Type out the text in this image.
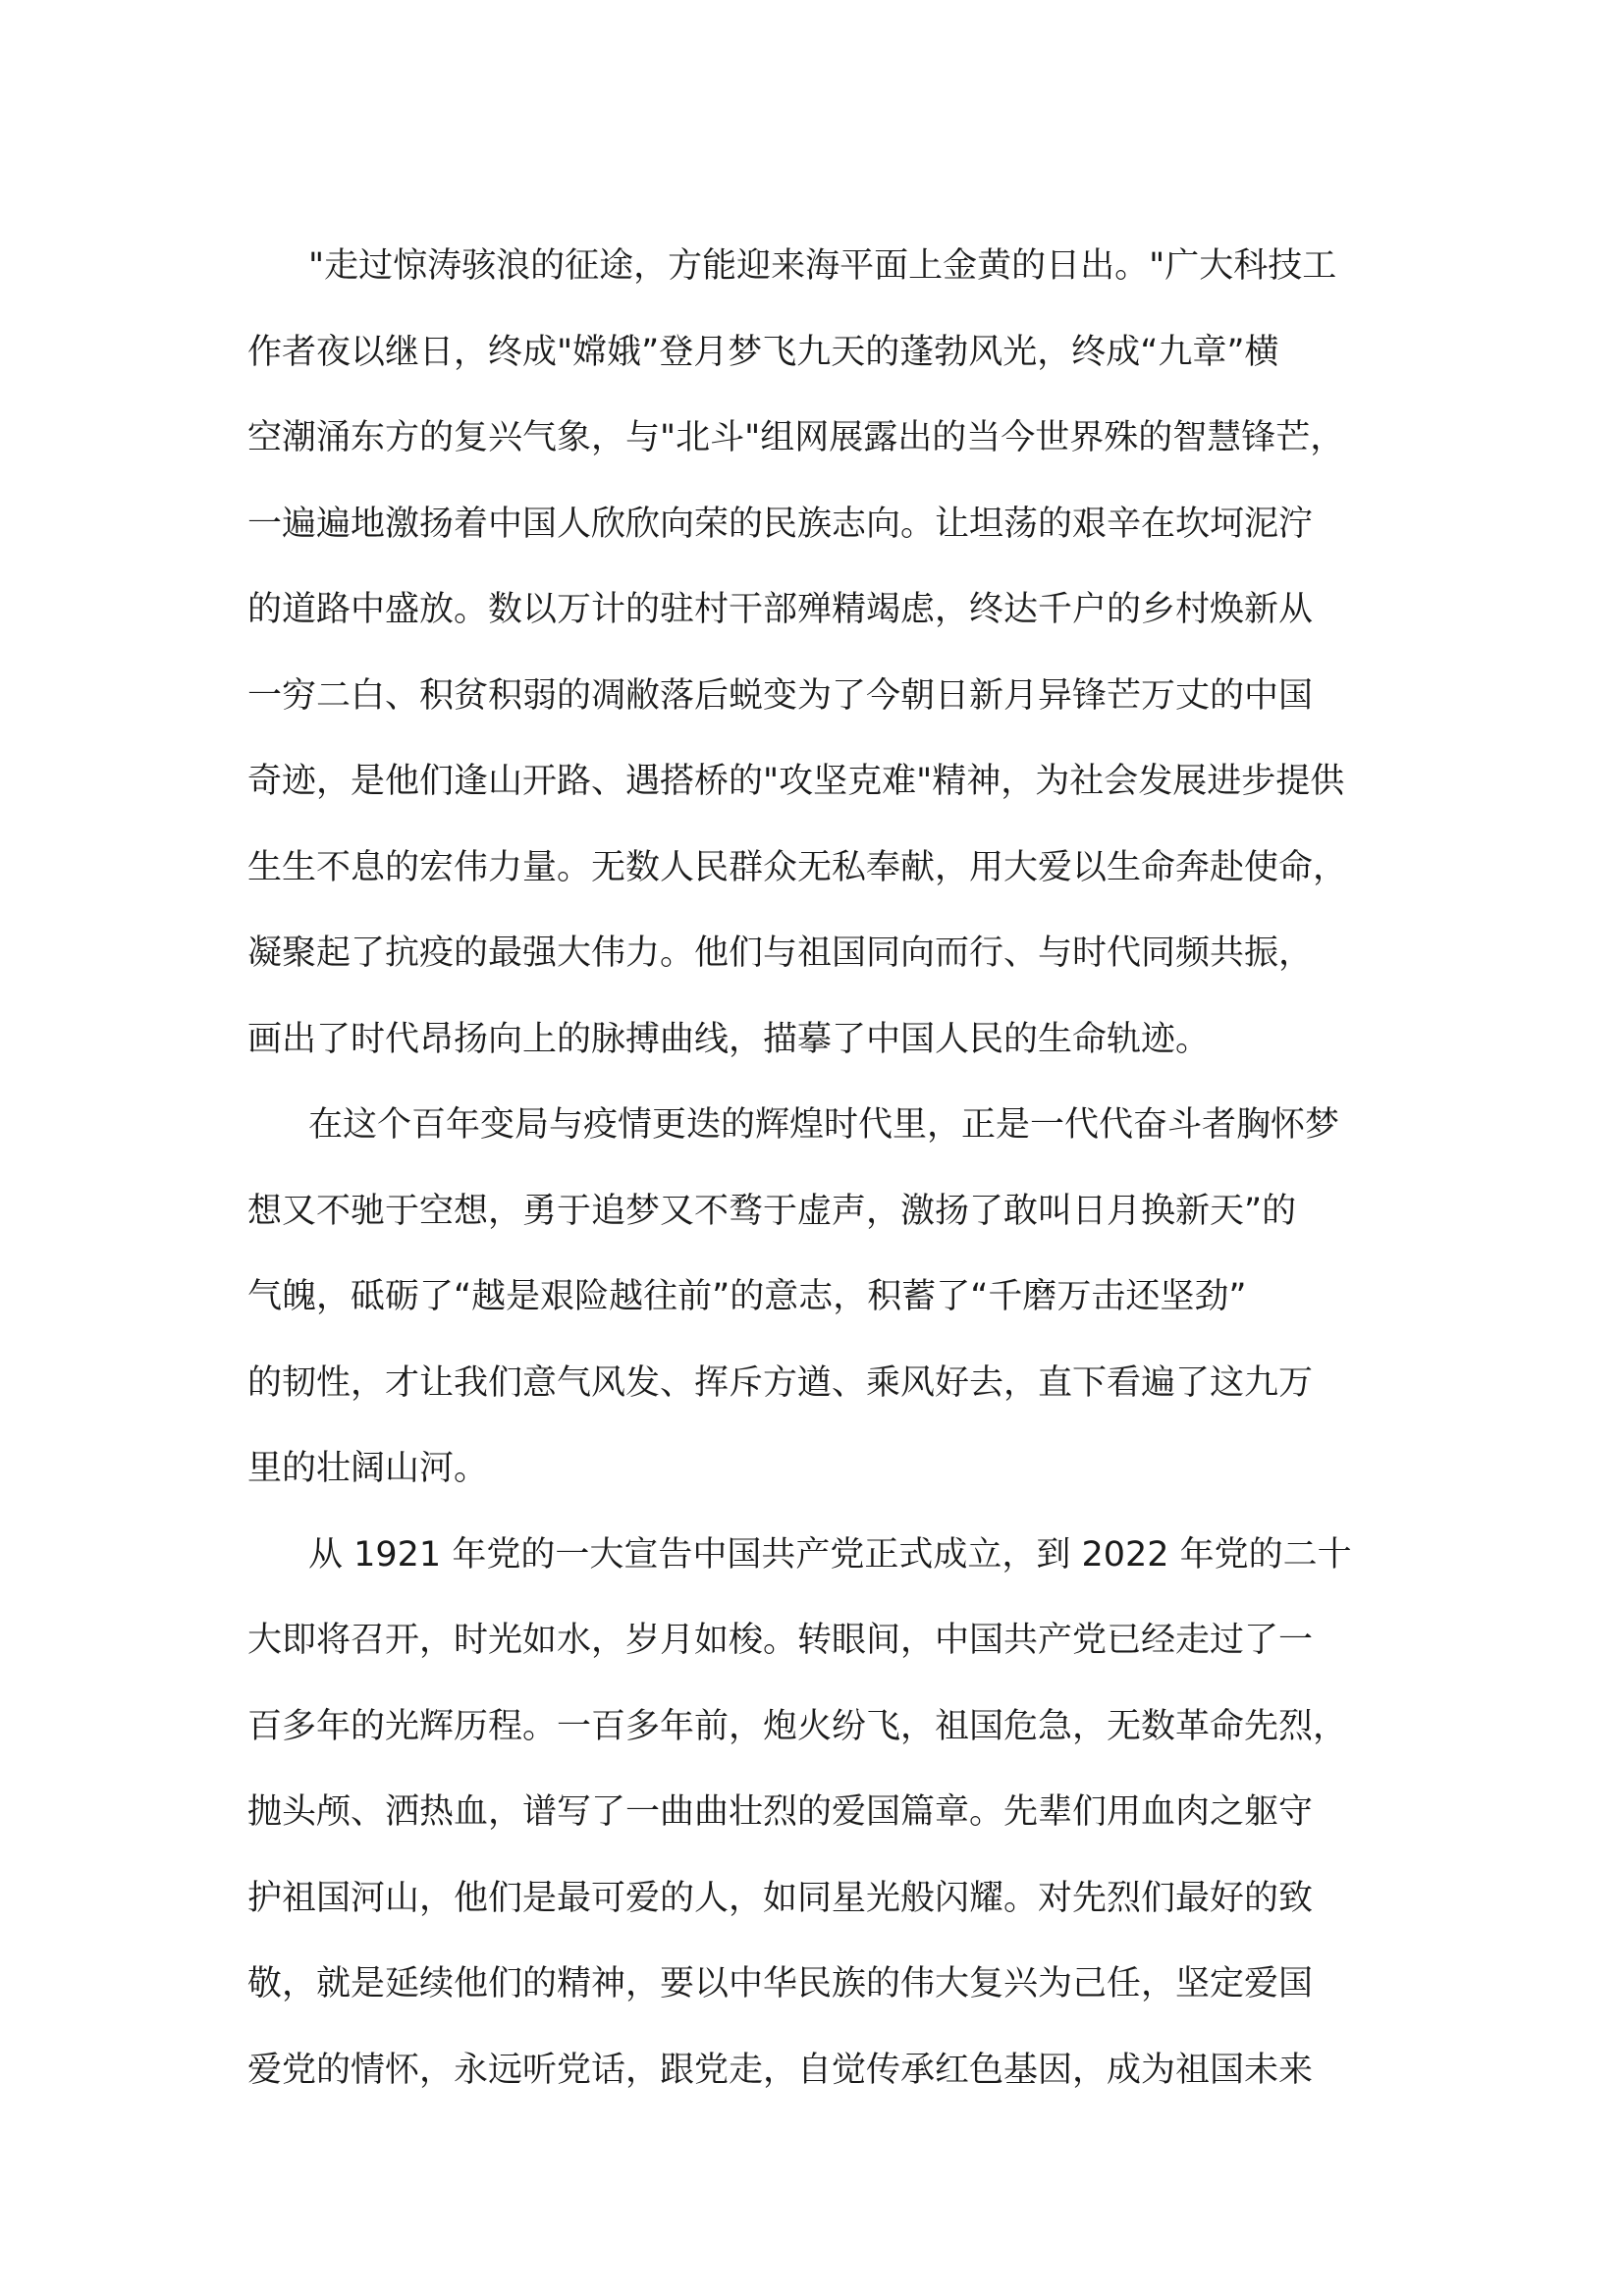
"走过惊涛骇浪的征途，方能迎来海平面上金黄的日出。"广大科技工
作者夜以继日，终成"嫦娥”登月梦飞九天的蓬勃风光，终成“九章”横
空潮涌东方的复兴气象，与"北斗"组网展露出的当今世界殊的智慧锋芒，
一遍遍地激扬着中国人欣欣向荣的民族志向。让坦荡的艰辛在坎坷泥泞
的道路中盛放。数以万计的驻村干部殚精竭虑，终达千户的乡村焕新从
一穷二白、积贫积弱的凋敝落后蜕变为了今朝日新月异锋芒万丈的中国
奇迹，是他们逢山开路、遇搭桥的"攻坚克难"精神，为社会发展进步提供
生生不息的宏伟力量。无数人民群众无私奉献，用大爱以生命奔赴使命，
凝聚起了抗疫的最强大伟力。他们与祖国同向而行、与时代同频共振，
画出了时代昂扬向上的脉搏曲线，描摹了中国人民的生命轨迹。
在这个百年变局与疫情更迭的辉煌时代里，正是一代代奋斗者胸怀梦
想又不驰于空想，勇于追梦又不骛于虚声，激扬了敢叫日月换新天”的
气魄，砥砺了“越是艰险越往前”的意志，积蓄了“千磨万击还坚劲”
的韧性，才让我们意气风发、挥斥方遒、乘风好去，直下看遍了这九万
里的壮阔山河。
从 1921 年党的一大宣告中国共产党正式成立，到 2022 年党的二十
大即将召开，时光如水，岁月如梭。转眼间，中国共产党已经走过了一
百多年的光辉历程。一百多年前，炮火纷飞，祖国危急，无数革命先烈，
抛头颅、洒热血，谱写了一曲曲壮烈的爱国篇章。先辈们用血肉之躯守
护祖国河山，他们是最可爱的人，如同星光般闪耀。对先烈们最好的致
敬，就是延续他们的精神，要以中华民族的伟大复兴为己任，坚定爱国
爱党的情怀，永远听党话，跟党走，自觉传承红色基因，成为祖国未来
